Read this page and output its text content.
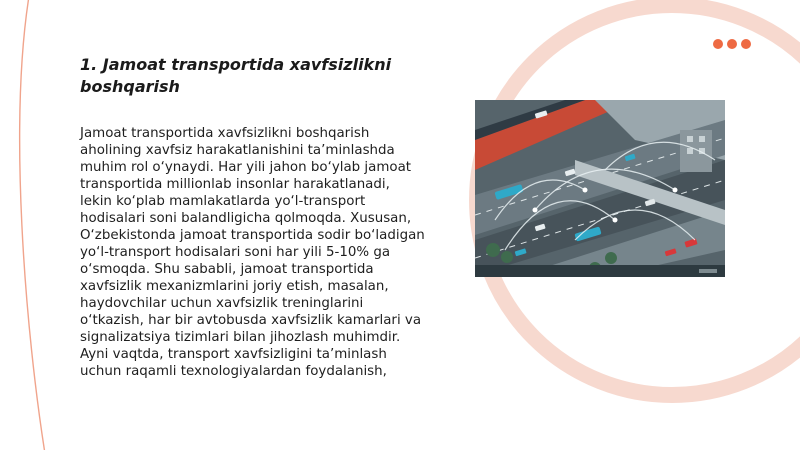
1. Jamoat transportida xavfsizlikni boshqarish

Jamoat transportida xavfsizlikni boshqarish aholining xavfsiz harakatlanishini ta’minlashda muhim rol o‘ynaydi. Har yili jahon bo‘ylab jamoat transportida millionlab insonlar harakatlanadi, lekin ko‘plab mamlakatlarda yo‘l-transport hodisalari soni balandligicha qolmoqda. Xususan, O‘zbekistonda jamoat transportida sodir bo‘ladigan yo‘l-transport hodisalari soni har yili 5-10% ga o‘smoqda. Shu sababli, jamoat transportida xavfsizlik mexanizmlarini joriy etish, masalan, haydovchilar uchun xavfsizlik treninglarini o‘tkazish, har bir avtobusda xavfsizlik kamarlari va signalizatsiya tizimlari bilan jihozlash muhimdir. Ayni vaqtda, transport xavfsizligini ta’minlash uchun raqamli texnologiyalardan foydalanish,
